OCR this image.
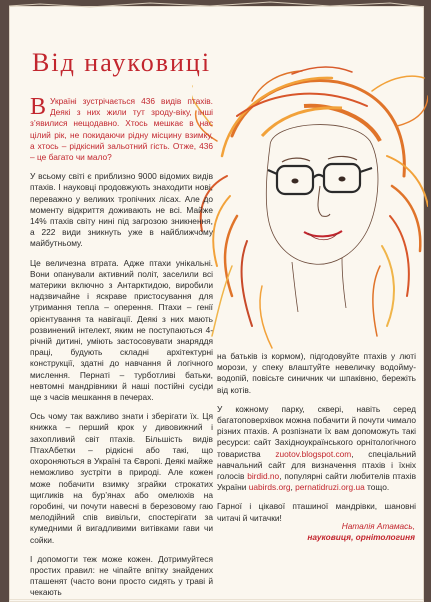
Від науковиці

В Україні зустрічається 436 видів птахів. Деякі з них жили тут зроду-віку, інші з’явилися нещодавно. Хтось мешкає в нас цілий рік, не покидаючи рідну місцину взимку, а хтось – рідкісний зальотний гість. Отже, 436 – це багато чи мало?

У всьому світі є приблизно 9000 відомих видів птахів. І науковці продовжують знаходити нові, переважно у великих тропічних лісах. Але до моменту відкриття доживають не всі. Майже 14% птахів світу нині під загрозою зникнення, а 222 види зникнуть уже в найближчому майбутньому.

Це величезна втрата. Адже птахи унікальні. Вони опанували активний політ, заселили всі материки включно з Антарктидою, виробили надзвичайне і яскраве пристосування для утримання тепла – оперення. Птахи – генії орієнтування та навігації. Деякі з них мають розвинений інтелект, яким не поступаються 4-річній дитині, уміють застосовувати знаряддя праці, будують складні архітектурні конструкції, здатні до навчання й логічного мислення. Пернаті – турботливі батьки, невтомні мандрівники й наші постійні сусіди ще з часів мешкання в печерах.

Ось чому так важливо знати і зберігати їх. Ця книжка – перший крок у дивовижний і захопливий світ птахів. Більшість видів ПтахАбетки – рідкісні або такі, що охороняються в Україні та Європі. Деякі майже неможливо зустріти в природі. Але кожен може побачити взимку зграйки строкатих щигликів на бур’янах або омелюхів на горобині, чи почути навесні в березовому гаю мелодійний спів вивільги, спостерігати за кумедними й вигадливими витівками гави чи сойки.

І допомогти теж може кожен. Дотримуйтеся простих правил: не чіпайте впітку знайдених пташенят (часто вони просто сидять у траві й чекають

на батьків із кормом), підгодовуйте птахів у люті морози, у спеку влаштуйте невеличку водойму-водопій, повісьте синичник чи шпаківню, бережіть від котів.

У кожному парку, сквері, навіть серед багатоповерхівок можна побачити й почути чимало різних птахів. А розпізнати їх вам допоможуть такі ресурси: сайт Західноукраїнського орнітологічного товариства zuotov.blogspot.com, спеціальний навчальний сайт для визначення птахів і їхніх голосів birdid.no, популярні сайти любителів птахів України uabirds.org, pernatidruzi.org.ua тощо.

Гарної і цікавої пташиної мандрівки, шановні читачі й читачки!

Наталія Атамась,
науковиця, орнітологиня
